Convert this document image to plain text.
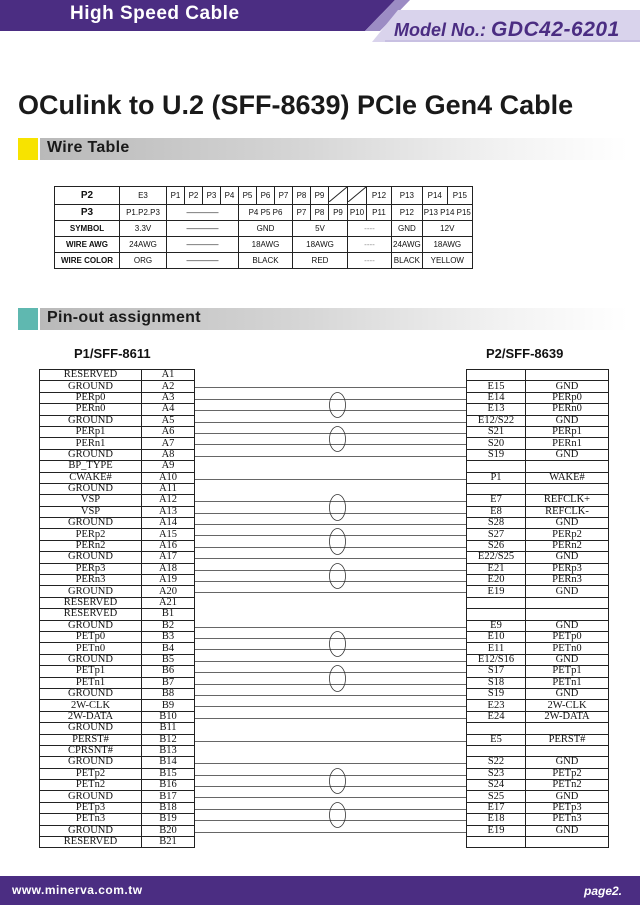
High Speed Cable
Model No.: GDC42-6201
OCulink to U.2 (SFF-8639) PCIe Gen4 Cable
Wire Table
P2	E3	P1	P2	P3	P4	P5	P6	P7	P8	P9			P12	P13	P14	P15
P3	P1.P2.P3	————				P4 P5 P6			P7	P8	P9	P10	P11	P12	P13 P14 P15	
SYMBOL	3.3V	————				GND			5V			----		GND	12V	
WIRE AWG	24AWG	————				18AWG			18AWG			----		24AWG	18AWG	
WIRE COLOR	ORG	————				BLACK			RED			----		BLACK	YELLOW	
Pin-out assignment
P1/SFF-8611	P2/SFF-8639
RESERVED	A1
GROUND	A2
PERp0	A3
PERn0	A4
GROUND	A5
PERp1	A6
PERn1	A7
GROUND	A8
BP_TYPE	A9
CWAKE#	A10
GROUND	A11
VSP	A12
VSP	A13
GROUND	A14
PERp2	A15
PERn2	A16
GROUND	A17
PERp3	A18
PERn3	A19
GROUND	A20
RESERVED	A21
RESERVED	B1
GROUND	B2
PETp0	B3
PETn0	B4
GROUND	B5
PETp1	B6
PETn1	B7
GROUND	B8
2W-CLK	B9
2W-DATA	B10
GROUND	B11
PERST#	B12
CPRSNT#	B13
GROUND	B14
PETp2	B15
PETn2	B16
GROUND	B17
PETp3	B18
PETn3	B19
GROUND	B20
RESERVED	B21

E15	GND
E14	PERp0
E13	PERn0
E12/S22	GND
S21	PERp1
S20	PERn1
S19	GND

P1	WAKE#

E7	REFCLK+
E8	REFCLK-
S28	GND
S27	PERp2
S26	PERn2
E22/S25	GND
E21	PERp3
E20	PERn3
E19	GND

E9	GND
E10	PETp0
E11	PETn0
E12/S16	GND
S17	PETp1
S18	PETn1
S19	GND
E23	2W-CLK
E24	2W-DATA

E5	PERST#

S22	GND
S23	PETp2
S24	PETn2
S25	GND
E17	PETp3
E18	PETn3
E19	GND

www.minerva.com.tw	page2.
